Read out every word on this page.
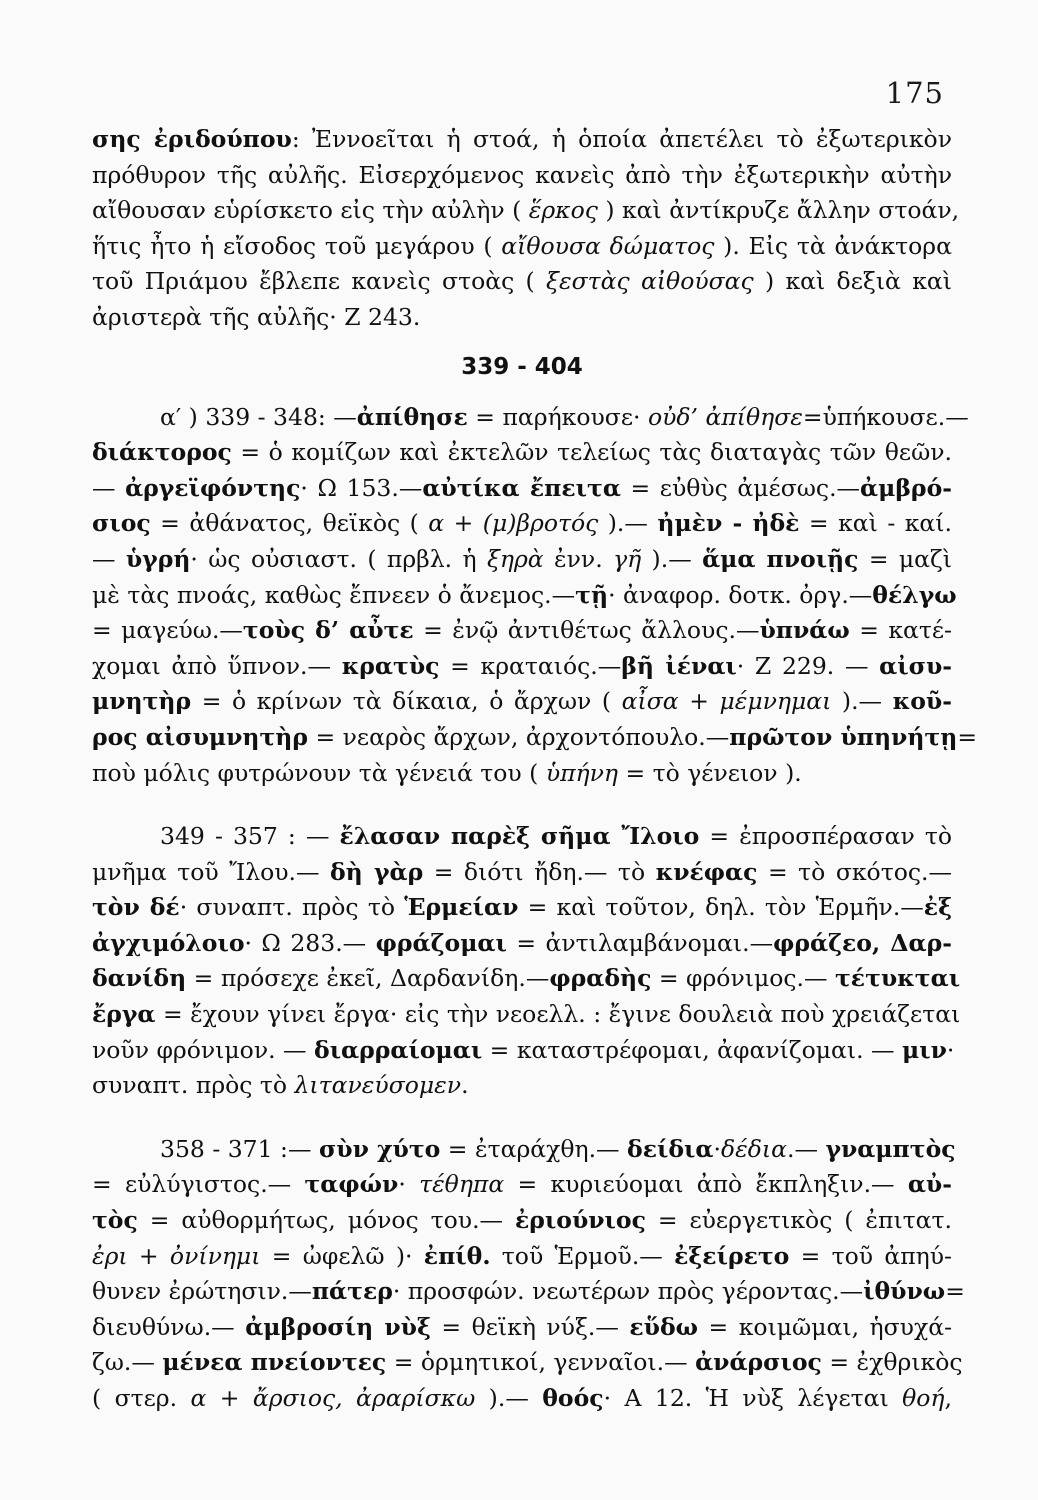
175
σης ἐριδούπου: Ἐννοεῖται ἡ στοά, ἡ ὁποία ἀπετέλει τὸ ἐξωτερικὸν
πρόθυρον τῆς αὐλῆς. Εἰσερχόμενος κανεὶς ἀπὸ τὴν ἐξωτερικὴν αὐτὴν
αἴθουσαν εὑρίσκετο εἰς τὴν αὐλὴν ( ἕρκος ) καὶ ἀντίκρυζε ἄλλην στοάν,
ἥτις ἦτο ἡ εἴσοδος τοῦ μεγάρου ( αἴθουσα δώματος ). Εἰς τὰ ἀνάκτορα
τοῦ Πριάμου ἔβλεπε κανεὶς στοὰς ( ξεστὰς αἰθούσας ) καὶ δεξιὰ καὶ
ἀριστερὰ τῆς αὐλῆς· Ζ 243.
339 - 404
α′ ) 339 - 348: —ἀπίθησε = παρήκουσε· οὐδ’ ἀπίθησε=ὑπήκουσε.—
διάκτορος = ὁ κομίζων καὶ ἐκτελῶν τελείως τὰς διαταγὰς τῶν θεῶν.
— ἀργεϊφόντης· Ω 153.—αὐτίκα ἔπειτα = εὐθὺς ἀμέσως.—ἀμβρό-
σιος = ἀθάνατος, θεϊκὸς ( α + (μ)βροτός ).— ἠμὲν - ἠδὲ = καὶ - καί.
— ὑγρή· ὡς οὐσιαστ. ( πρβλ. ἡ ξηρὰ ἐνν. γῆ ).— ἅμα πνοιῇς = μαζὶ
μὲ τὰς πνοάς, καθὼς ἔπνεεν ὁ ἄνεμος.—τῇ· ἀναφορ. δοτκ. ὀργ.—θέλγω
= μαγεύω.—τοὺς δ’ αὖτε = ἐνῷ ἀντιθέτως ἄλλους.—ὑπνάω = κατέ-
χομαι ἀπὸ ὕπνον.— κρατὺς = κραταιός.—βῆ ἰέναι· Ζ 229. — αἰσυ-
μνητὴρ = ὁ κρίνων τὰ δίκαια, ὁ ἄρχων ( αἶσα + μέμνημαι ).— κοῦ-
ρος αἰσυμνητὴρ = νεαρὸς ἄρχων, ἀρχοντόπουλο.—πρῶτον ὑπηνήτῃ=
ποὺ μόλις φυτρώνουν τὰ γένειά του ( ὑπήνη = τὸ γένειον ).
349 - 357 : — ἔλασαν παρὲξ σῆμα Ἴλοιο = ἐπροσπέρασαν τὸ
μνῆμα τοῦ Ἴλου.— δὴ γὰρ = διότι ἤδη.— τὸ κνέφας = τὸ σκότος.—
τὸν δέ· συναπτ. πρὸς τὸ Ἑρμείαν = καὶ τοῦτον, δηλ. τὸν Ἑρμῆν.—ἐξ
ἀγχιμόλοιο· Ω 283.— φράζομαι = ἀντιλαμβάνομαι.—φράζεο, Δαρ-
δανίδη = πρόσεχε ἐκεῖ, Δαρδανίδη.—φραδὴς = φρόνιμος.— τέτυκται
ἔργα = ἔχουν γίνει ἔργα· εἰς τὴν νεοελλ. : ἔγινε δουλειὰ ποὺ χρειάζεται
νοῦν φρόνιμον. — διαρραίομαι = καταστρέφομαι, ἀφανίζομαι. — μιν·
συναπτ. πρὸς τὸ λιτανεύσομεν.
358 - 371 :— σὺν χύτο = ἐταράχθη.— δείδια·δέδια.— γναμπτὸς
= εὐλύγιστος.— ταφών· τέθηπα = κυριεύομαι ἀπὸ ἔκπληξιν.— αὐ-
τὸς = αὐθορμήτως, μόνος του.— ἐριούνιος = εὐεργετικὸς ( ἐπιτατ.
ἐρι + ὀνίνημι = ὠφελῶ )· ἐπίθ. τοῦ Ἑρμοῦ.— ἐξείρετο = τοῦ ἀπηύ-
θυνεν ἐρώτησιν.—πάτερ· προσφών. νεωτέρων πρὸς γέροντας.—ἰθύνω=
διευθύνω.— ἀμβροσίη νὺξ = θεϊκὴ νύξ.— εὕδω = κοιμῶμαι, ἡσυχά-
ζω.— μένεα πνείοντες = ὁρμητικοί, γενναῖοι.— ἀνάρσιος = ἐχθρικὸς
( στερ. α + ἄρσιος, ἀραρίσκω ).— θοός· Α 12. Ἡ νὺξ λέγεται θοή,
